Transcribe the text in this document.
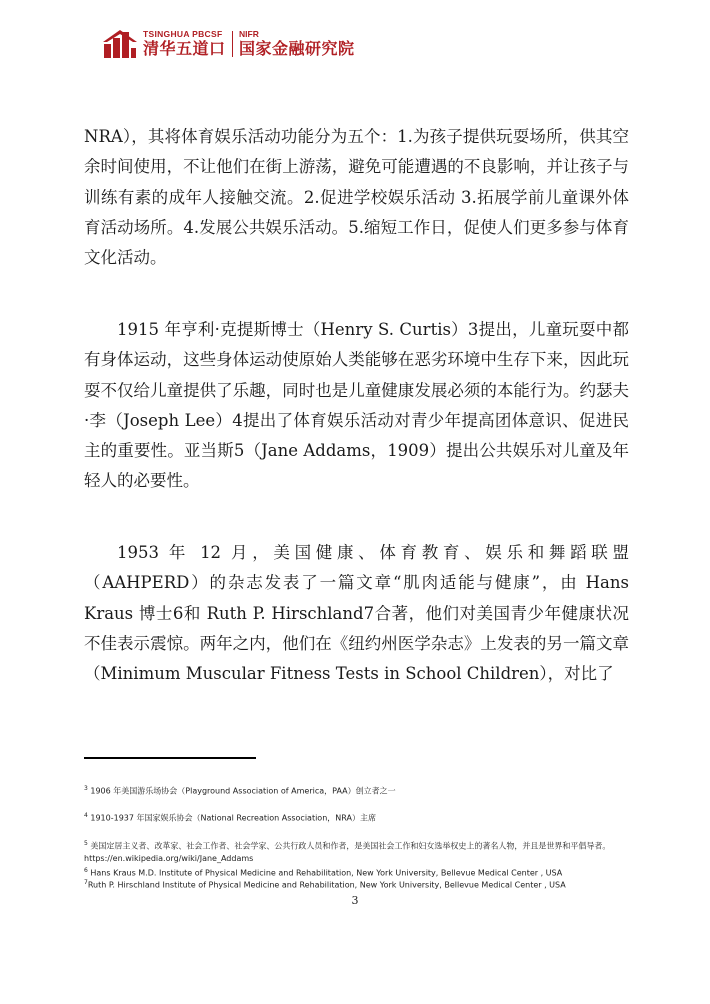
TSINGHUA PBCSF
清华五道口
NIFR
国家金融研究院

NRA），其将体育娱乐活动功能分为五个：1.为孩子提供玩耍场所，供其空余时间使用，不让他们在街上游荡，避免可能遭遇的不良影响，并让孩子与训练有素的成年人接触交流。2.促进学校娱乐活动 3.拓展学前儿童课外体育活动场所。4.发展公共娱乐活动。5.缩短工作日，促使人们更多参与体育文化活动。

1915 年亨利·克提斯博士（Henry S. Curtis）3提出，儿童玩耍中都有身体运动，这些身体运动使原始人类能够在恶劣环境中生存下来，因此玩耍不仅给儿童提供了乐趣，同时也是儿童健康发展必须的本能行为。约瑟夫·李（Joseph Lee）4提出了体育娱乐活动对青少年提高团体意识、促进民主的重要性。亚当斯5（Jane Addams，1909）提出公共娱乐对儿童及年轻人的必要性。

1953 年 12 月，美国健康、体育教育、娱乐和舞蹈联盟（AAHPERD）的杂志发表了一篇文章“肌肉适能与健康”，由 Hans Kraus 博士6和 Ruth P. Hirschland7合著，他们对美国青少年健康状况不佳表示震惊。两年之内，他们在《纽约州医学杂志》上发表的另一篇文章（Minimum Muscular Fitness Tests in School Children），对比了

$^3$ 1906 年美国游乐场协会（Playground Association of America，PAA）创立者之一
$^4$ 1910-1937 年国家娱乐协会（National Recreation Association，NRA）主席
$^5$ 美国定居主义者、改革家、社会工作者、社会学家、公共行政人员和作者，是美国社会工作和妇女选举权史上的著名人物，并且是世界和平倡导者。https://en.wikipedia.org/wiki/Jane_Addams
$^6$ Hans Kraus M.D. Institute of Physical Medicine and Rehabilitation, New York University, Bellevue Medical Center , USA
$^7$Ruth P. Hirschland Institute of Physical Medicine and Rehabilitation, New York University, Bellevue Medical Center , USA
3
